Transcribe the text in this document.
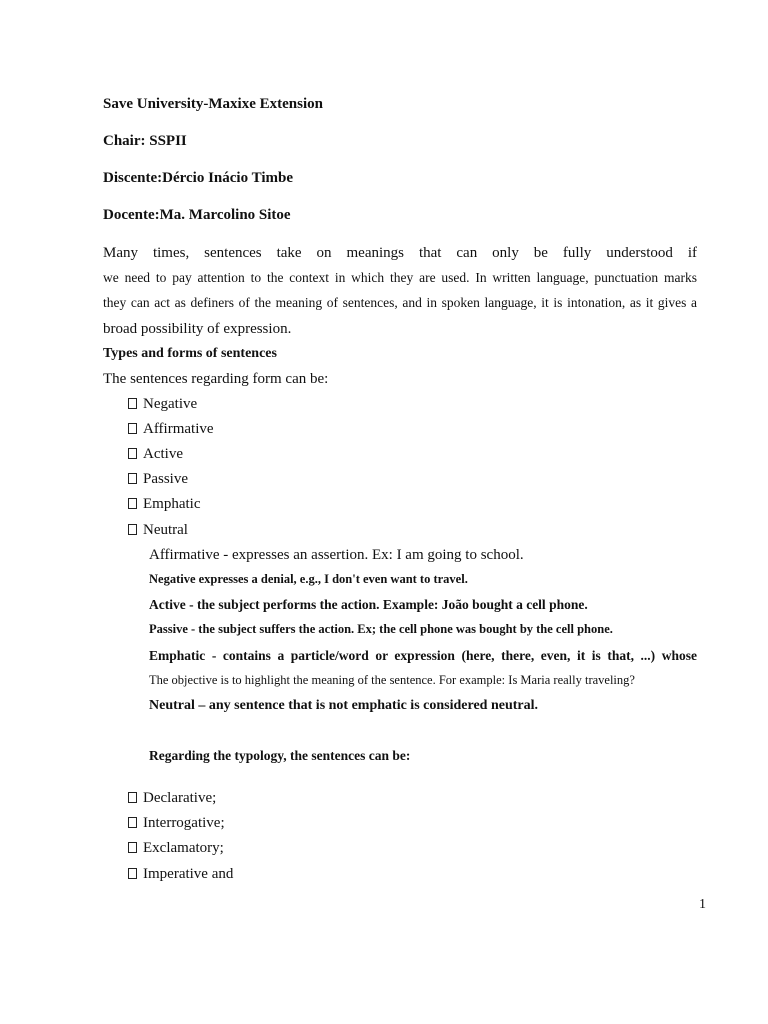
Save University-Maxixe Extension
Chair: SSPII
Discente:Dércio Inácio Timbe
Docente:Ma. Marcolino Sitoe
Many times, sentences take on meanings that can only be fully understood if
we need to pay attention to the context in which they are used. In written language, punctuation marks
they can act as definers of the meaning of sentences, and in spoken language, it is intonation, as it gives a
broad possibility of expression.
Types and forms of sentences
The sentences regarding form can be:
Negative
Affirmative
Active
Passive
Emphatic
Neutral
Affirmative - expresses an assertion. Ex: I am going to school.
Negative expresses a denial, e.g., I don't even want to travel.
Active - the subject performs the action. Example: João bought a cell phone.
Passive - the subject suffers the action. Ex; the cell phone was bought by the cell phone.
Emphatic - contains a particle/word or expression (here, there, even, it is that, ...) whose
The objective is to highlight the meaning of the sentence. For example: Is Maria really traveling?
Neutral – any sentence that is not emphatic is considered neutral.
Regarding the typology, the sentences can be:
Declarative;
Interrogative;
Exclamatory;
Imperative and
1
